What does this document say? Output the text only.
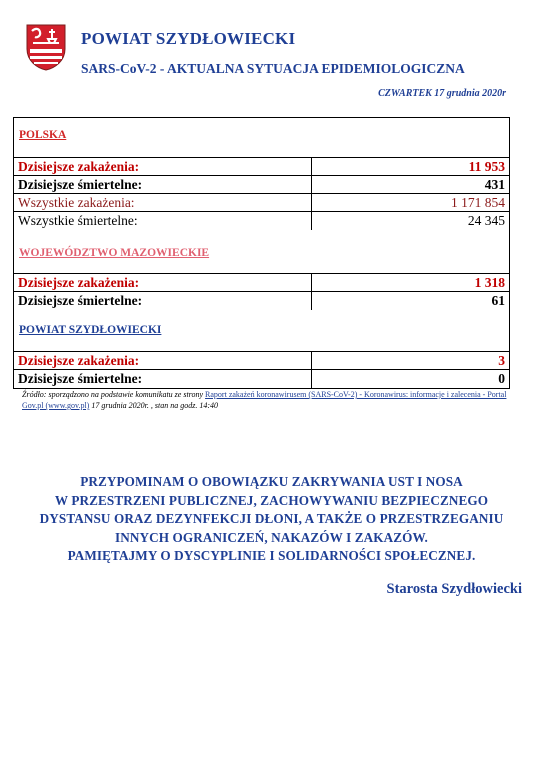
POWIAT SZYDŁOWIECKI
SARS-CoV-2 - AKTUALNA SYTUACJA EPIDEMIOLOGICZNA
CZWARTEK 17 grudnia 2020r
POLSKA
Dzisiejsze zakażenia:	11 953
Dzisiejsze śmiertelne:	431
Wszystkie zakażenia:	1 171 854
Wszystkie śmiertelne:	24 345
WOJEWÓDZTWO MAZOWIECKIE
Dzisiejsze zakażenia:	1 318
Dzisiejsze śmiertelne:	61
POWIAT SZYDŁOWIECKI
Dzisiejsze zakażenia:	3
Dzisiejsze śmiertelne:	0
Źródło: sporządzono na podstawie komunikatu ze strony Raport zakażeń koronawirusem (SARS-CoV-2) - Koronawirus: informacje i zalecenia - Portal Gov.pl (www.gov.pl) 17 grudnia 2020r. , stan na godz. 14:40
PRZYPOMINAM O OBOWIĄZKU ZAKRYWANIA UST I NOSA
W PRZESTRZENI PUBLICZNEJ, ZACHOWYWANIU BEZPIECZNEGO
DYSTANSU ORAZ DEZYNFEKCJI DŁONI, A TAKŻE O PRZESTRZEGANIU
INNYCH OGRANICZEŃ, NAKAZÓW I ZAKAZÓW.
PAMIĘTAJMY O DYSCYPLINIE I SOLIDARNOŚCI SPOŁECZNEJ.
Starosta Szydłowiecki
